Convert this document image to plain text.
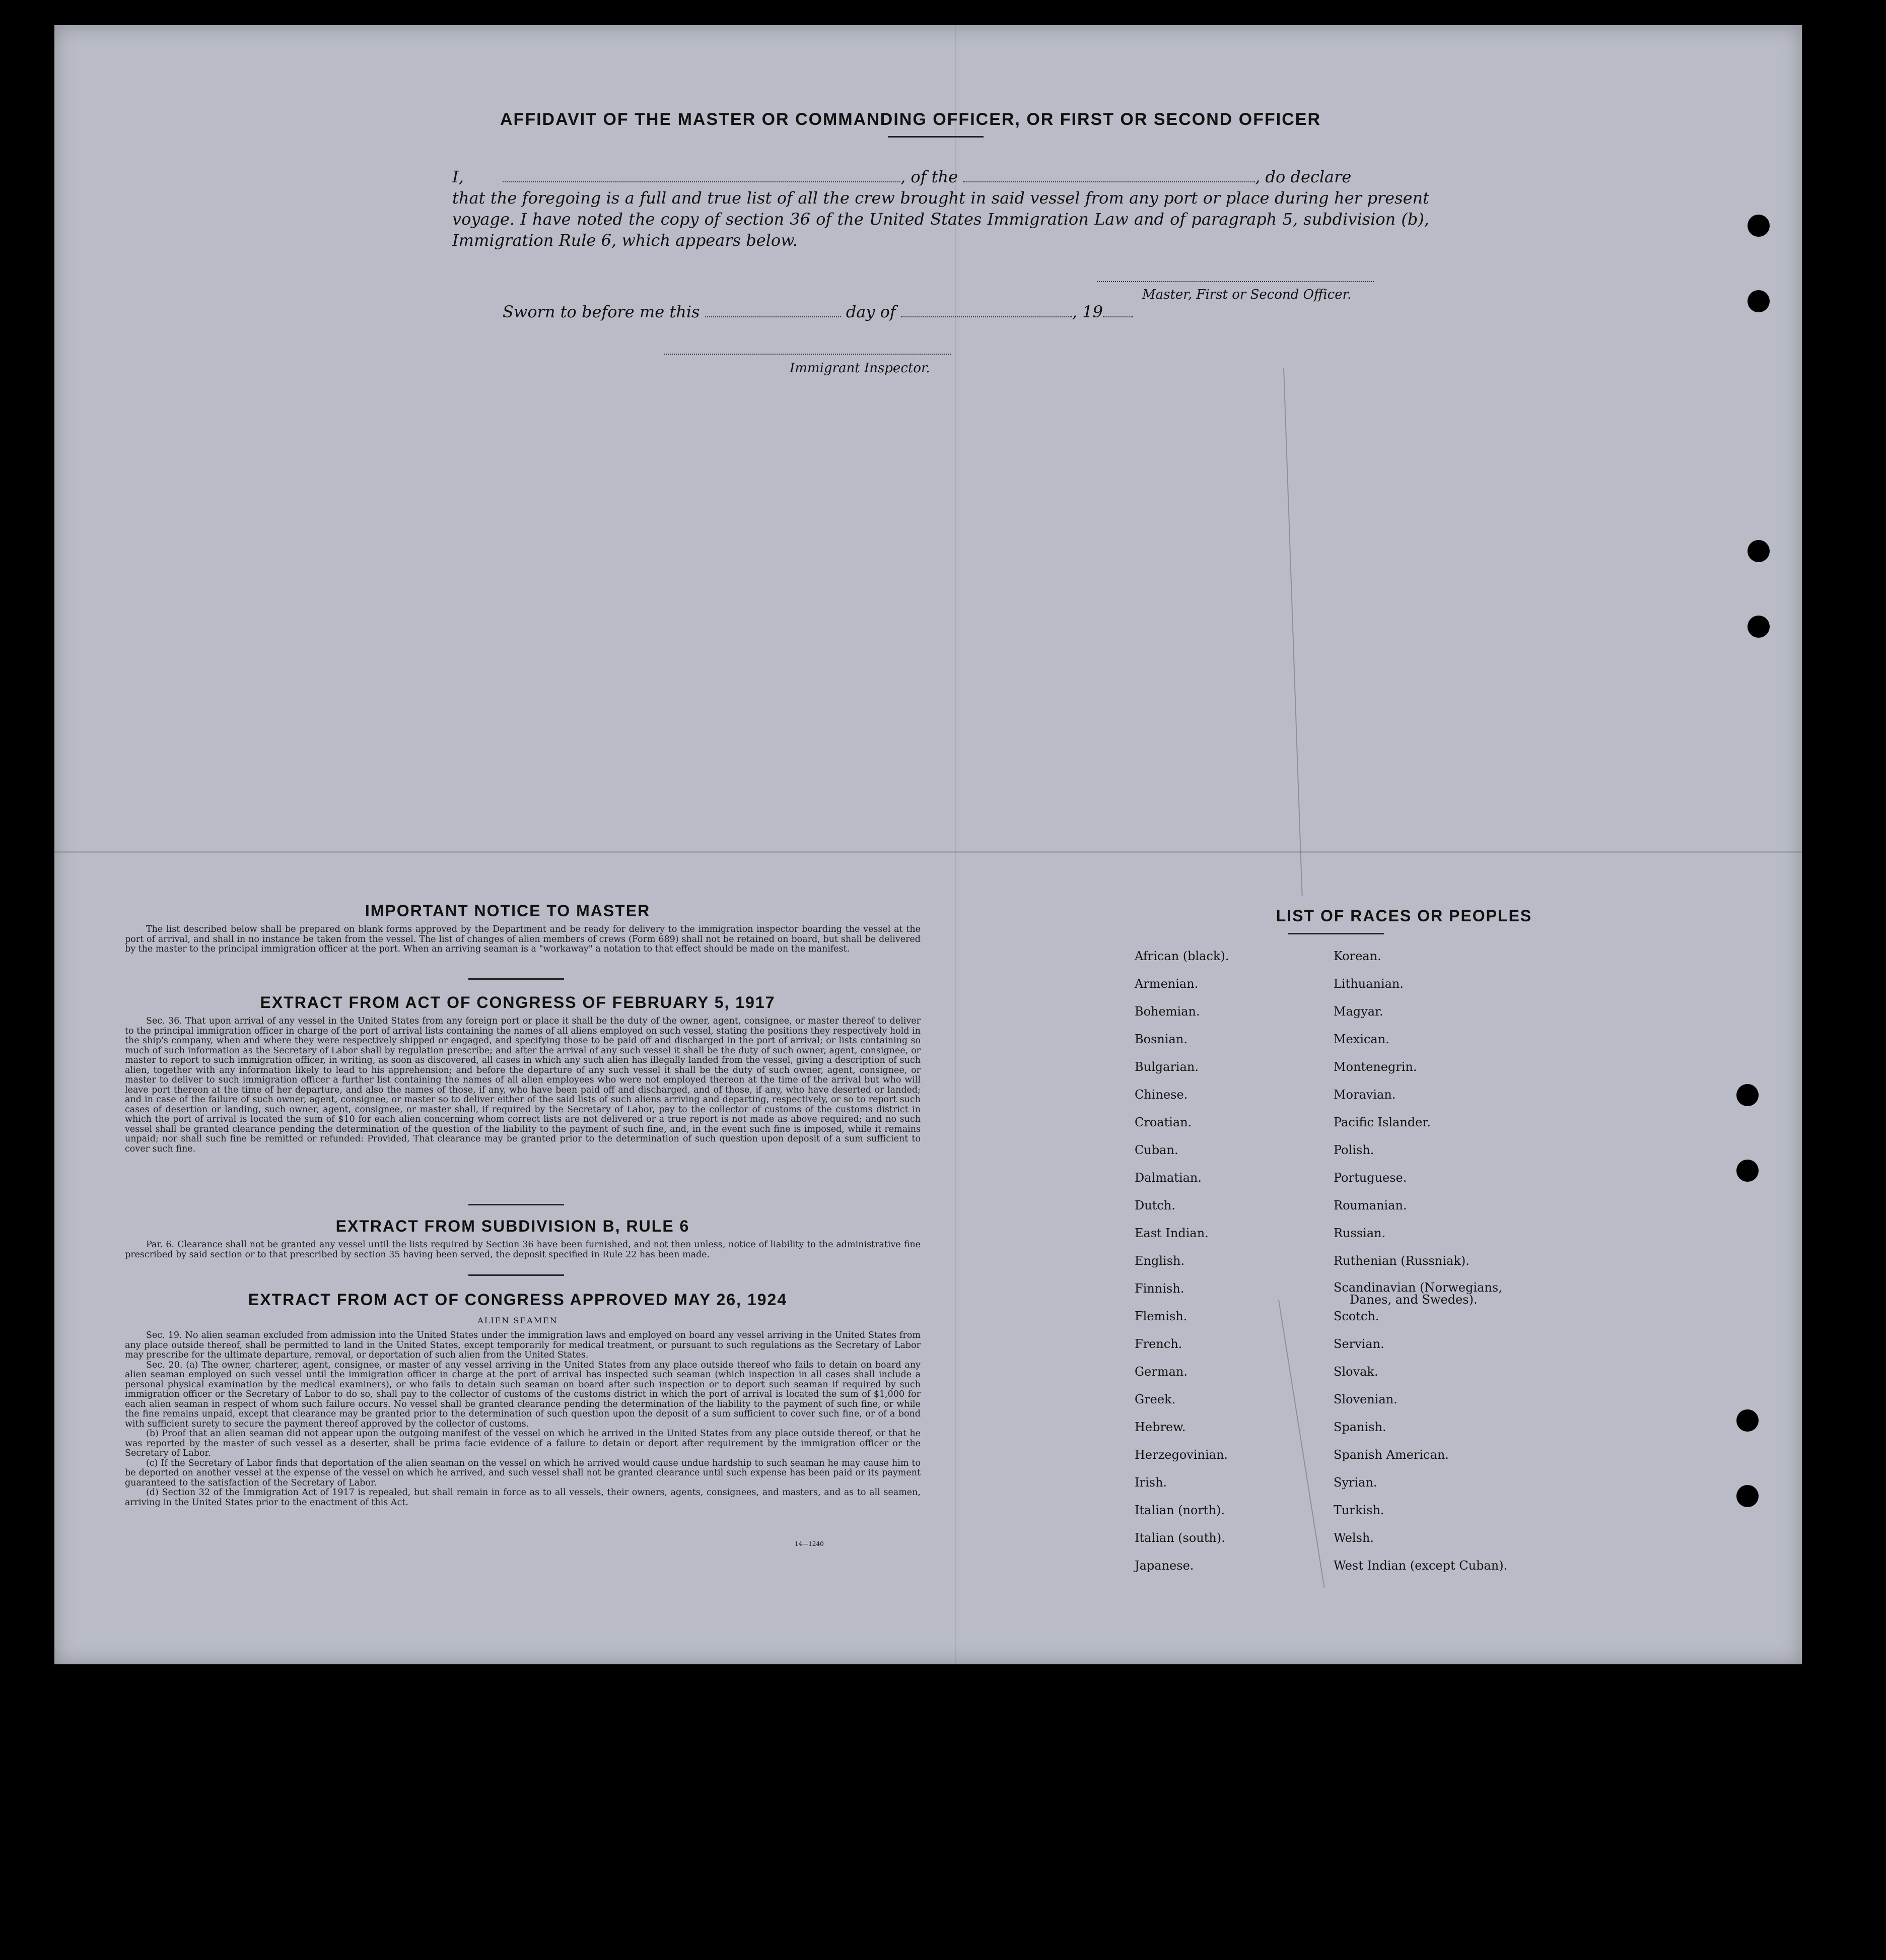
AFFIDAVIT OF THE MASTER OR COMMANDING OFFICER, OR FIRST OR SECOND OFFICER
I,	, of the	, do declare
that the foregoing is a full and true list of all the crew brought in said vessel from any port or place during her present voyage. I have noted the copy of section 36 of the United States Immigration Law and of paragraph 5, subdivision (b), Immigration Rule 6, which appears below.
Master, First or Second Officer.
Sworn to before me this	day of	, 19
Immigrant Inspector.
IMPORTANT NOTICE TO MASTER

The list described below shall be prepared on blank forms approved by the Department and be ready for delivery to the immigration inspector boarding the vessel at the port of arrival, and shall in no instance be taken from the vessel. The list of changes of alien members of crews (Form 689) shall not be retained on board, but shall be delivered by the master to the principal immigration officer at the port. When an arriving seaman is a "workaway" a notation to that effect should be made on the manifest.

EXTRACT FROM ACT OF CONGRESS OF FEBRUARY 5, 1917

Sec. 36. That upon arrival of any vessel in the United States from any foreign port or place it shall be the duty of the owner, agent, consignee, or master thereof to deliver to the principal immigration officer in charge of the port of arrival lists containing the names of all aliens employed on such vessel, stating the positions they respectively hold in the ship's company, when and where they were respectively shipped or engaged, and specifying those to be paid off and discharged in the port of arrival; or lists containing so much of such information as the Secretary of Labor shall by regulation prescribe; and after the arrival of any such vessel it shall be the duty of such owner, agent, consignee, or master to report to such immigration officer, in writing, as soon as discovered, all cases in which any such alien has illegally landed from the vessel, giving a description of such alien, together with any information likely to lead to his apprehension; and before the departure of any such vessel it shall be the duty of such owner, agent, consignee, or master to deliver to such immigration officer a further list containing the names of all alien employees who were not employed thereon at the time of the arrival but who will leave port thereon at the time of her departure, and also the names of those, if any, who have been paid off and discharged, and of those, if any, who have deserted or landed; and in case of the failure of such owner, agent, consignee, or master so to deliver either of the said lists of such aliens arriving and departing, respectively, or so to report such cases of desertion or landing, such owner, agent, consignee, or master shall, if required by the Secretary of Labor, pay to the collector of customs of the customs district in which the port of arrival is located the sum of $10 for each alien concerning whom correct lists are not delivered or a true report is not made as above required; and no such vessel shall be granted clearance pending the determination of the question of the liability to the payment of such fine, and, in the event such fine is imposed, while it remains unpaid; nor shall such fine be remitted or refunded: Provided, That clearance may be granted prior to the determination of such question upon deposit of a sum sufficient to cover such fine.

EXTRACT FROM SUBDIVISION B, RULE 6

Par. 6. Clearance shall not be granted any vessel until the lists required by Section 36 have been furnished, and not then unless, notice of liability to the administrative fine prescribed by said section or to that prescribed by section 35 having been served, the deposit specified in Rule 22 has been made.

EXTRACT FROM ACT OF CONGRESS APPROVED MAY 26, 1924
ALIEN SEAMEN

Sec. 19. No alien seaman excluded from admission into the United States under the immigration laws and employed on board any vessel arriving in the United States from any place outside thereof, shall be permitted to land in the United States, except temporarily for medical treatment, or pursuant to such regulations as the Secretary of Labor may prescribe for the ultimate departure, removal, or deportation of such alien from the United States.

Sec. 20. (a) The owner, charterer, agent, consignee, or master of any vessel arriving in the United States from any place outside thereof who fails to detain on board any alien seaman employed on such vessel until the immigration officer in charge at the port of arrival has inspected such seaman (which inspection in all cases shall include a personal physical examination by the medical examiners), or who fails to detain such seaman on board after such inspection or to deport such seaman if required by such immigration officer or the Secretary of Labor to do so, shall pay to the collector of customs of the customs district in which the port of arrival is located the sum of $1,000 for each alien seaman in respect of whom such failure occurs. No vessel shall be granted clearance pending the determination of the liability to the payment of such fine, or while the fine remains unpaid, except that clearance may be granted prior to the determination of such question upon the deposit of a sum sufficient to cover such fine, or of a bond with sufficient surety to secure the payment thereof approved by the collector of customs.

(b) Proof that an alien seaman did not appear upon the outgoing manifest of the vessel on which he arrived in the United States from any place outside thereof, or that he was reported by the master of such vessel as a deserter, shall be prima facie evidence of a failure to detain or deport after requirement by the immigration officer or the Secretary of Labor.

(c) If the Secretary of Labor finds that deportation of the alien seaman on the vessel on which he arrived would cause undue hardship to such seaman he may cause him to be deported on another vessel at the expense of the vessel on which he arrived, and such vessel shall not be granted clearance until such expense has been paid or its payment guaranteed to the satisfaction of the Secretary of Labor.

(d) Section 32 of the Immigration Act of 1917 is repealed, but shall remain in force as to all vessels, their owners, agents, consignees, and masters, and as to all seamen, arriving in the United States prior to the enactment of this Act.

14—1240
LIST OF RACES OR PEOPLES
African (black).
Armenian.
Bohemian.
Bosnian.
Bulgarian.
Chinese.
Croatian.
Cuban.
Dalmatian.
Dutch.
East Indian.
English.
Finnish.
Flemish.
French.
German.
Greek.
Hebrew.
Herzegovinian.
Irish.
Italian (north).
Italian (south).
Japanese.
Korean.
Lithuanian.
Magyar.
Mexican.
Montenegrin.
Moravian.
Pacific Islander.
Polish.
Portuguese.
Roumanian.
Russian.
Ruthenian (Russniak).
Scandinavian (Norwegians,
Danes, and Swedes).
Scotch.
Servian.
Slovak.
Slovenian.
Spanish.
Spanish American.
Syrian.
Turkish.
Welsh.
West Indian (except Cuban).
